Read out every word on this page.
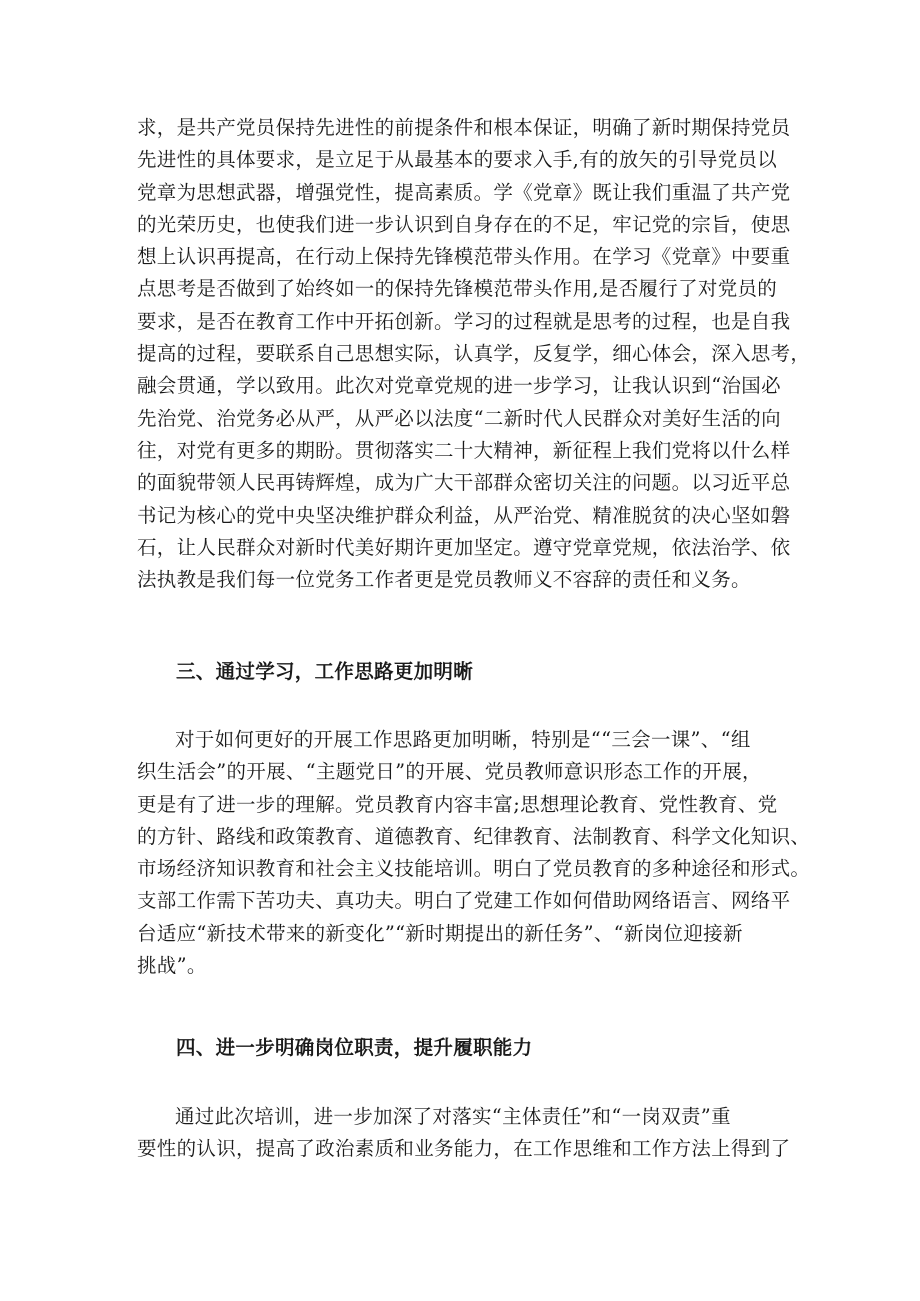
求，是共产党员保持先进性的前提条件和根本保证，明确了新时期保持党员
先进性的具体要求，是立足于从最基本的要求入手,有的放矢的引导党员以
党章为思想武器，增强党性，提高素质。学《党章》既让我们重温了共产党
的光荣历史，也使我们进一步认识到自身存在的不足，牢记党的宗旨，使思
想上认识再提高，在行动上保持先锋模范带头作用。在学习《党章》中要重
点思考是否做到了始终如一的保持先锋模范带头作用,是否履行了对党员的
要求，是否在教育工作中开拓创新。学习的过程就是思考的过程，也是自我
提高的过程，要联系自己思想实际，认真学，反复学，细心体会，深入思考，
融会贯通，学以致用。此次对党章党规的进一步学习，让我认识到“治国必
先治党、治党务必从严，从严必以法度“二新时代人民群众对美好生活的向
往，对党有更多的期盼。贯彻落实二十大精神，新征程上我们党将以什么样
的面貌带领人民再铸辉煌，成为广大干部群众密切关注的问题。以习近平总
书记为核心的党中央坚决维护群众利益，从严治党、精准脱贫的决心坚如磐
石，让人民群众对新时代美好期许更加坚定。遵守党章党规，依法治学、依
法执教是我们每一位党务工作者更是党员教师义不容辞的责任和义务。
三、通过学习，工作思路更加明晰
对于如何更好的开展工作思路更加明晰，特别是““三会一课”、“组
织生活会”的开展、“主题党日”的开展、党员教师意识形态工作的开展，
更是有了进一步的理解。党员教育内容丰富;思想理论教育、党性教育、党
的方针、路线和政策教育、道德教育、纪律教育、法制教育、科学文化知识、
市场经济知识教育和社会主义技能培训。明白了党员教育的多种途径和形式。
支部工作需下苦功夫、真功夫。明白了党建工作如何借助网络语言、网络平
台适应“新技术带来的新变化”“新时期提出的新任务”、“新岗位迎接新
挑战”。
四、进一步明确岗位职责，提升履职能力
通过此次培训，进一步加深了对落实“主体责任”和“一岗双责”重
要性的认识，提高了政治素质和业务能力，在工作思维和工作方法上得到了
